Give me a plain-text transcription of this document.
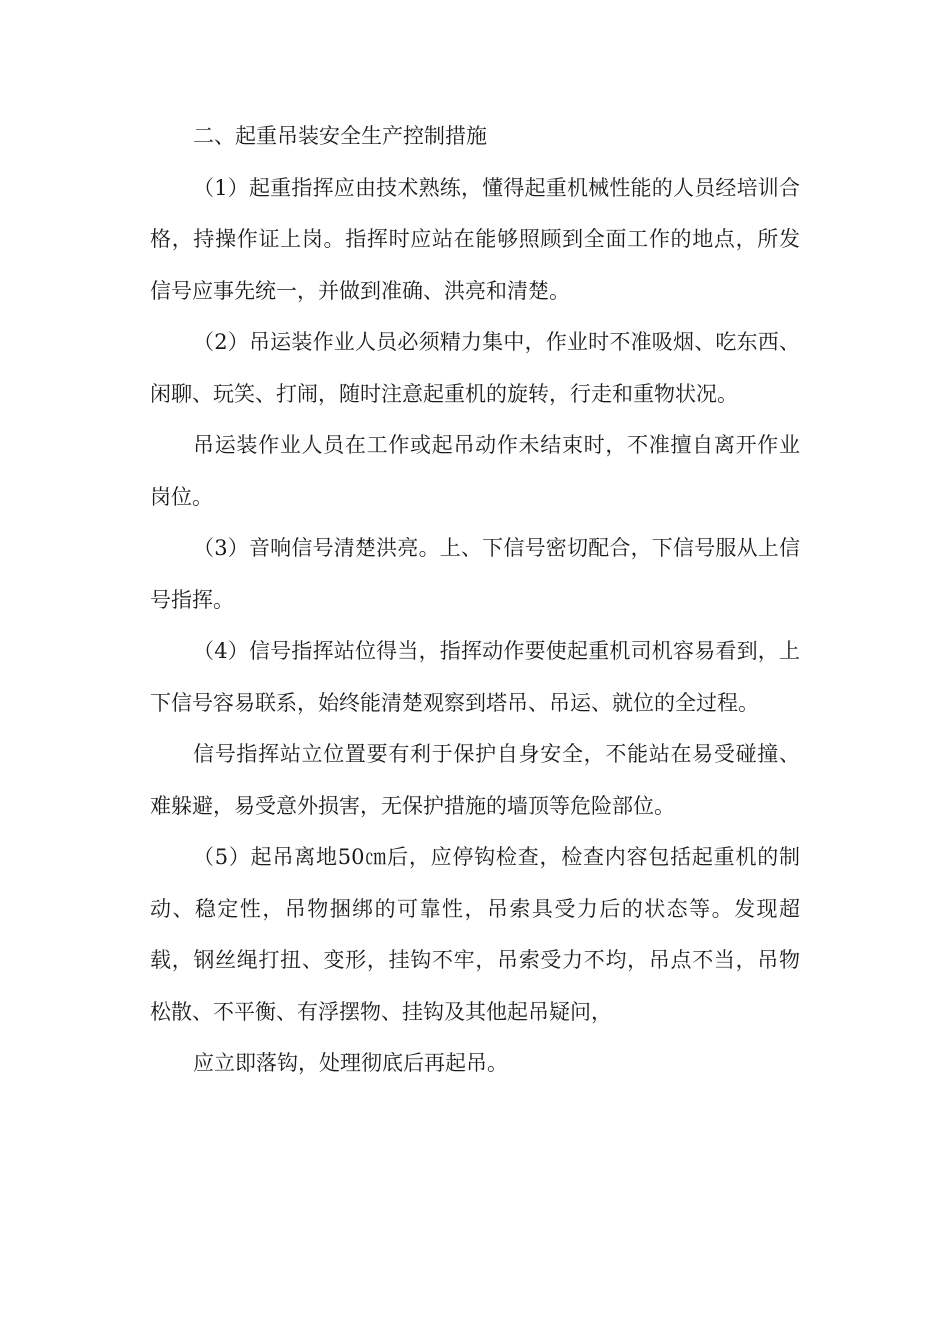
二、起重吊装安全生产控制措施

（1）起重指挥应由技术熟练，懂得起重机械性能的人员经培训合格，持操作证上岗。指挥时应站在能够照顾到全面工作的地点，所发信号应事先统一，并做到准确、洪亮和清楚。

（2）吊运装作业人员必须精力集中，作业时不准吸烟、吃东西、闲聊、玩笑、打闹，随时注意起重机的旋转，行走和重物状况。

吊运装作业人员在工作或起吊动作未结束时，不准擅自离开作业岗位。

（3）音响信号清楚洪亮。上、下信号密切配合，下信号服从上信号指挥。

（4）信号指挥站位得当，指挥动作要使起重机司机容易看到，上下信号容易联系，始终能清楚观察到塔吊、吊运、就位的全过程。

信号指挥站立位置要有利于保护自身安全，不能站在易受碰撞、难躲避，易受意外损害，无保护措施的墙顶等危险部位。

（5）起吊离地50㎝后，应停钩检查，检查内容包括起重机的制动、稳定性，吊物捆绑的可靠性，吊索具受力后的状态等。发现超载，钢丝绳打扭、变形，挂钩不牢，吊索受力不均，吊点不当，吊物松散、不平衡、有浮摆物、挂钩及其他起吊疑问，

应立即落钩，处理彻底后再起吊。
